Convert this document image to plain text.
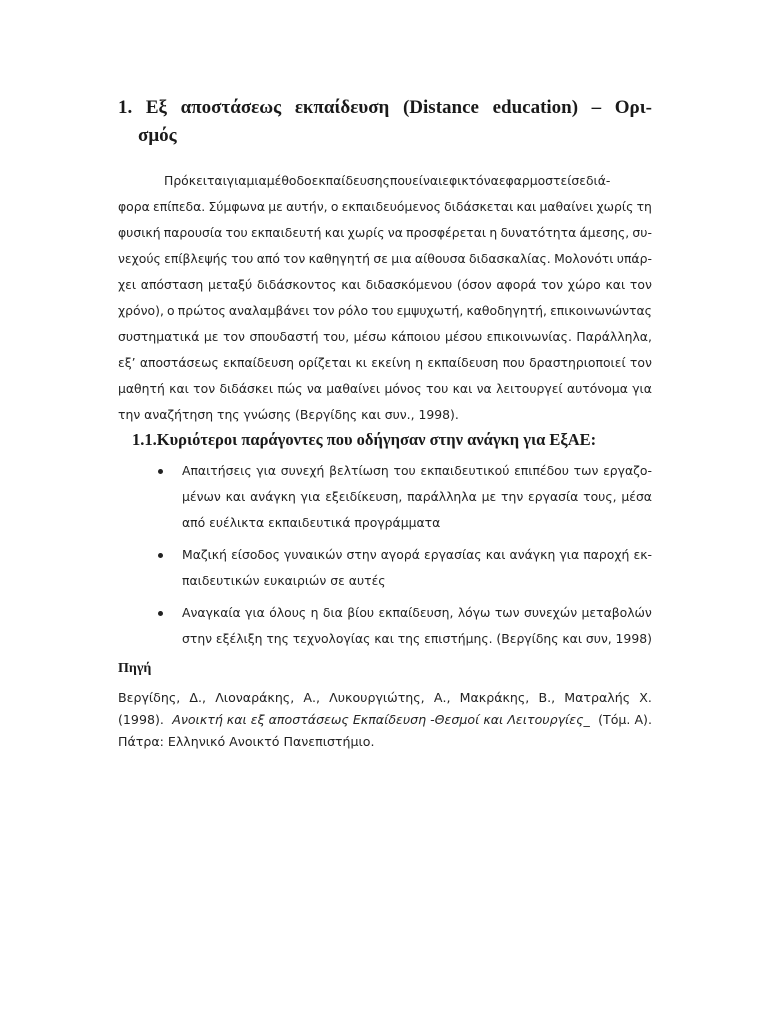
1. Εξ αποστάσεως εκπαίδευση (Distance education) – Ορι-
σμός
Πρόκειταιγιαμιαμέθοδοεκπαίδευσηςπουείναιεφικτόναεφαρμοστείσεδιά-
φορα επίπεδα. Σύμφωνα με αυτήν, ο εκπαιδευόμενος διδάσκεται και μαθαίνει χωρίς τη
φυσική παρουσία του εκπαιδευτή και χωρίς να προσφέρεται η δυνατότητα άμεσης, συ-
νεχούς επίβλεψής του από τον καθηγητή σε μια αίθουσα διδασκαλίας. Μολονότι υπάρ-
χει απόσταση μεταξύ διδάσκοντος και διδασκόμενου (όσον αφορά τον χώρο και τον
χρόνο), ο πρώτος αναλαμβάνει τον ρόλο του εμψυχωτή, καθοδηγητή, επικοινωνώντας
συστηματικά με τον σπουδαστή του, μέσω κάποιου μέσου επικοινωνίας. Παράλληλα,
εξ’ αποστάσεως εκπαίδευση ορίζεται κι εκείνη η εκπαίδευση που δραστηριοποιεί τον
μαθητή και τον διδάσκει πώς να μαθαίνει μόνος του και να λειτουργεί αυτόνομα για
την αναζήτηση της γνώσης (Βεργίδης και συν., 1998).
1.1.Κυριότεροι παράγοντες που οδήγησαν στην ανάγκη για ΕξΑΕ:
Απαιτήσεις για συνεχή βελτίωση του εκπαιδευτικού επιπέδου των εργαζο-
μένων και ανάγκη για εξειδίκευση, παράλληλα με την εργασία τους, μέσα
από ευέλικτα εκπαιδευτικά προγράμματα
Μαζική είσοδος γυναικών στην αγορά εργασίας και ανάγκη για παροχή εκ-
παιδευτικών ευκαιριών σε αυτές
Αναγκαία για όλους η δια βίου εκπαίδευση, λόγω των συνεχών μεταβολών
στην εξέλιξη της τεχνολογίας και της επιστήμης. (Βεργίδης και συν, 1998)
Πηγή
Βεργίδης, Δ., Λιοναράκης, Α., Λυκουργιώτης, Α., Μακράκης, Β., Ματραλής Χ.
(1998). Ανοικτή και εξ αποστάσεως Εκπαίδευση -Θεσμοί και Λειτουργίες_ (Τόμ. Α).
Πάτρα: Ελληνικό Ανοικτό Πανεπιστήμιο.
